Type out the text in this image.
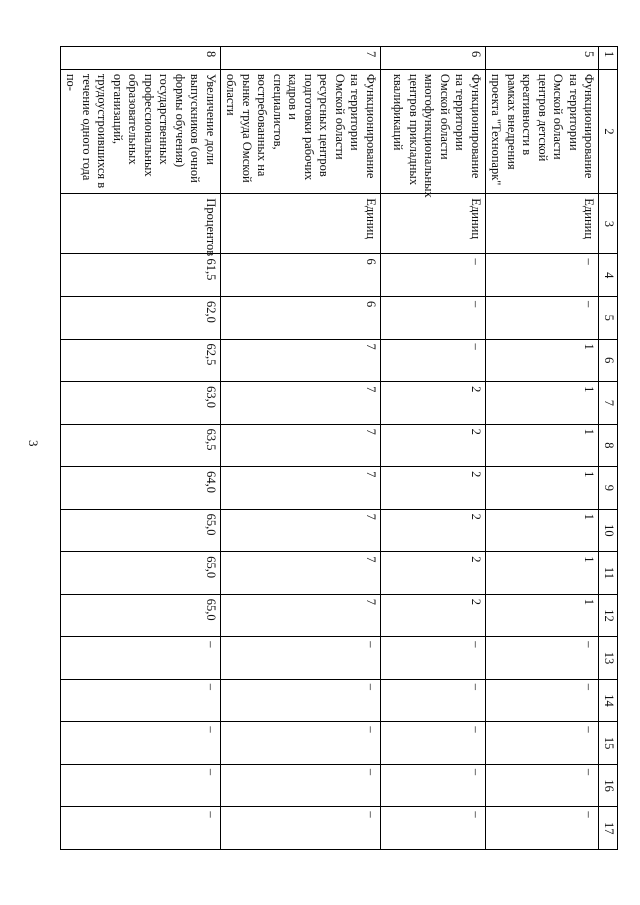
3
1	2	3	4	5	6	7	8	9	10	11	12	13	14	15	16	17
5	Функционирование на территории Омской области центров детской креативности в рамках внедрения проекта "Технопарк"	Единиц	–	–	1	1	1	1	1	1	1	–	–	–	–	–
6	Функционирование на территории Омской области многофункциональных центров прикладных квалификаций	Единиц	–	–	–	2	2	2	2	2	2	–	–	–	–	–
7	Функционирование на территории Омской области ресурсных центров подготовки рабочих кадров и специалистов, востребованных на рынке труда Омской области	Единиц	6	6	7	7	7	7	7	7	7	–	–	–	–	–
8	Увеличение доли выпускников (очной формы обучения) государственных профессиональных образовательных организаций, трудоустроившихся в течение одного года по-	Процентов	61,5	62,0	62,5	63,0	63,5	64,0	65,0	65,0	65,0	–	–	–	–	–
